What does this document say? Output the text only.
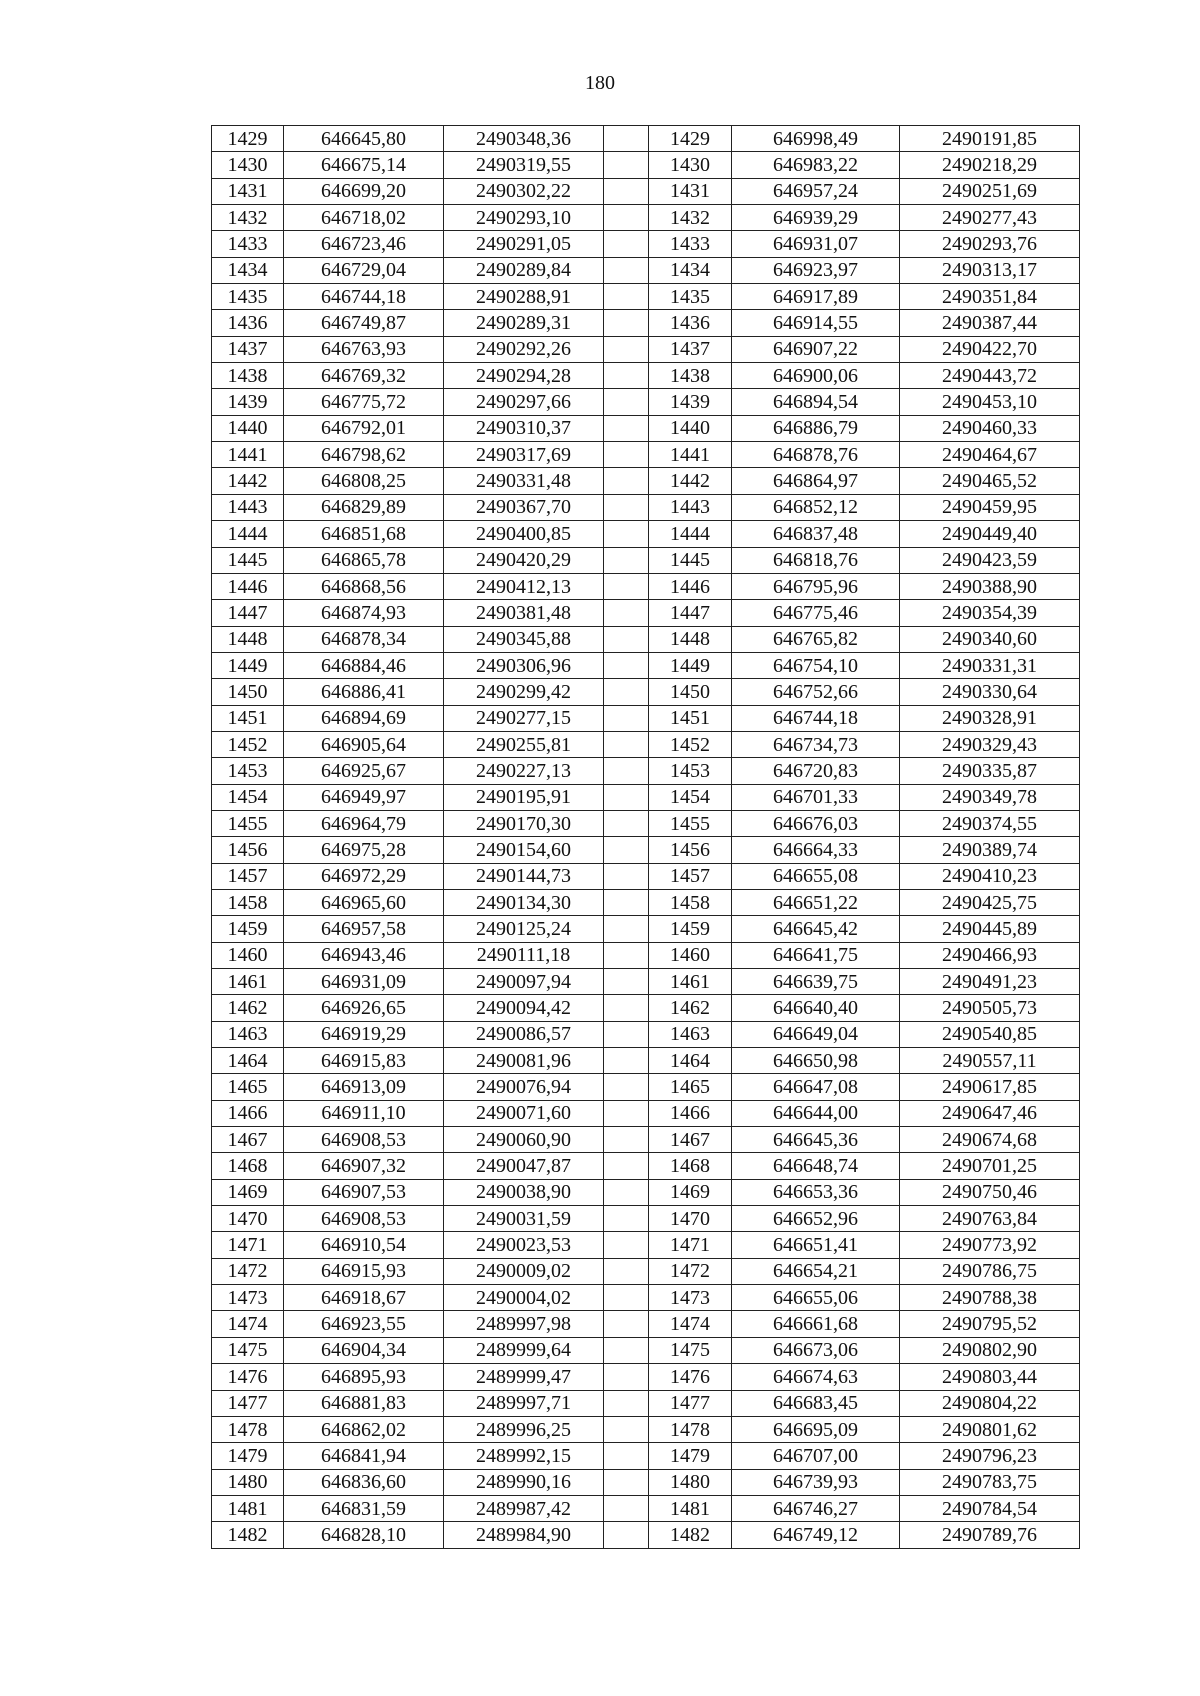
180
1429	646645,80	2490348,36		1429	646998,49	2490191,85
1430	646675,14	2490319,55		1430	646983,22	2490218,29
1431	646699,20	2490302,22		1431	646957,24	2490251,69
1432	646718,02	2490293,10		1432	646939,29	2490277,43
1433	646723,46	2490291,05		1433	646931,07	2490293,76
1434	646729,04	2490289,84		1434	646923,97	2490313,17
1435	646744,18	2490288,91		1435	646917,89	2490351,84
1436	646749,87	2490289,31		1436	646914,55	2490387,44
1437	646763,93	2490292,26		1437	646907,22	2490422,70
1438	646769,32	2490294,28		1438	646900,06	2490443,72
1439	646775,72	2490297,66		1439	646894,54	2490453,10
1440	646792,01	2490310,37		1440	646886,79	2490460,33
1441	646798,62	2490317,69		1441	646878,76	2490464,67
1442	646808,25	2490331,48		1442	646864,97	2490465,52
1443	646829,89	2490367,70		1443	646852,12	2490459,95
1444	646851,68	2490400,85		1444	646837,48	2490449,40
1445	646865,78	2490420,29		1445	646818,76	2490423,59
1446	646868,56	2490412,13		1446	646795,96	2490388,90
1447	646874,93	2490381,48		1447	646775,46	2490354,39
1448	646878,34	2490345,88		1448	646765,82	2490340,60
1449	646884,46	2490306,96		1449	646754,10	2490331,31
1450	646886,41	2490299,42		1450	646752,66	2490330,64
1451	646894,69	2490277,15		1451	646744,18	2490328,91
1452	646905,64	2490255,81		1452	646734,73	2490329,43
1453	646925,67	2490227,13		1453	646720,83	2490335,87
1454	646949,97	2490195,91		1454	646701,33	2490349,78
1455	646964,79	2490170,30		1455	646676,03	2490374,55
1456	646975,28	2490154,60		1456	646664,33	2490389,74
1457	646972,29	2490144,73		1457	646655,08	2490410,23
1458	646965,60	2490134,30		1458	646651,22	2490425,75
1459	646957,58	2490125,24		1459	646645,42	2490445,89
1460	646943,46	2490111,18		1460	646641,75	2490466,93
1461	646931,09	2490097,94		1461	646639,75	2490491,23
1462	646926,65	2490094,42		1462	646640,40	2490505,73
1463	646919,29	2490086,57		1463	646649,04	2490540,85
1464	646915,83	2490081,96		1464	646650,98	2490557,11
1465	646913,09	2490076,94		1465	646647,08	2490617,85
1466	646911,10	2490071,60		1466	646644,00	2490647,46
1467	646908,53	2490060,90		1467	646645,36	2490674,68
1468	646907,32	2490047,87		1468	646648,74	2490701,25
1469	646907,53	2490038,90		1469	646653,36	2490750,46
1470	646908,53	2490031,59		1470	646652,96	2490763,84
1471	646910,54	2490023,53		1471	646651,41	2490773,92
1472	646915,93	2490009,02		1472	646654,21	2490786,75
1473	646918,67	2490004,02		1473	646655,06	2490788,38
1474	646923,55	2489997,98		1474	646661,68	2490795,52
1475	646904,34	2489999,64		1475	646673,06	2490802,90
1476	646895,93	2489999,47		1476	646674,63	2490803,44
1477	646881,83	2489997,71		1477	646683,45	2490804,22
1478	646862,02	2489996,25		1478	646695,09	2490801,62
1479	646841,94	2489992,15		1479	646707,00	2490796,23
1480	646836,60	2489990,16		1480	646739,93	2490783,75
1481	646831,59	2489987,42		1481	646746,27	2490784,54
1482	646828,10	2489984,90		1482	646749,12	2490789,76
